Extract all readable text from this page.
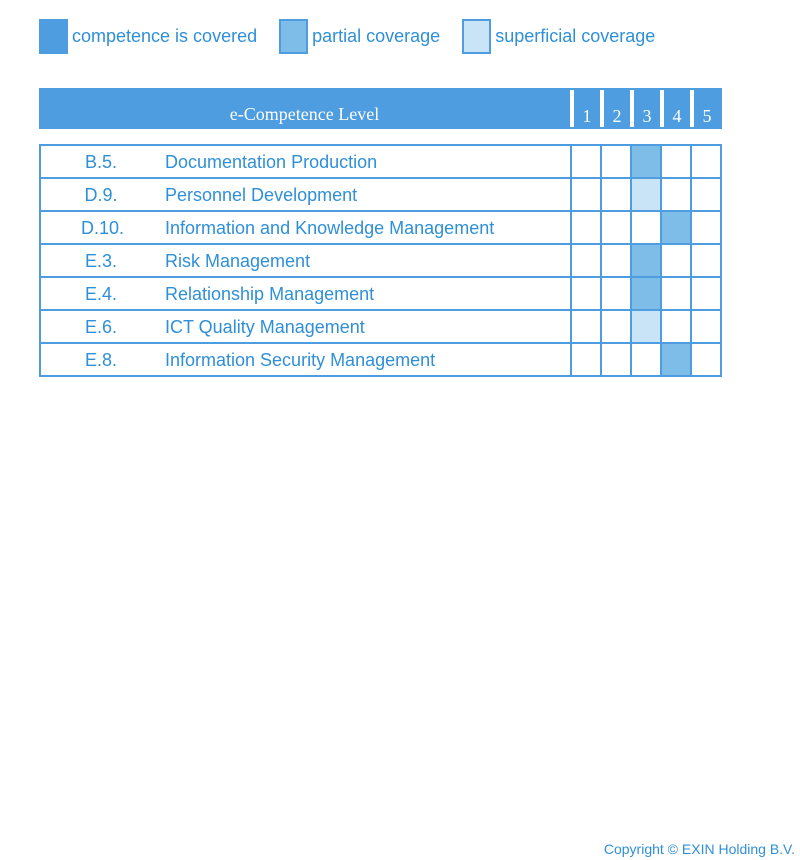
competence is covered	partial coverage	superficial coverage
e-Competence Level	1	2	3	4	5
B.5. Documentation Production					

D.9. Personnel Development					

D.10. Information and Knowledge Management					

E.3. Risk Management					

E.4. Relationship Management					

E.6. ICT Quality Management					

E.8. Information Security Management					

Copyright © EXIN Holding B.V.
